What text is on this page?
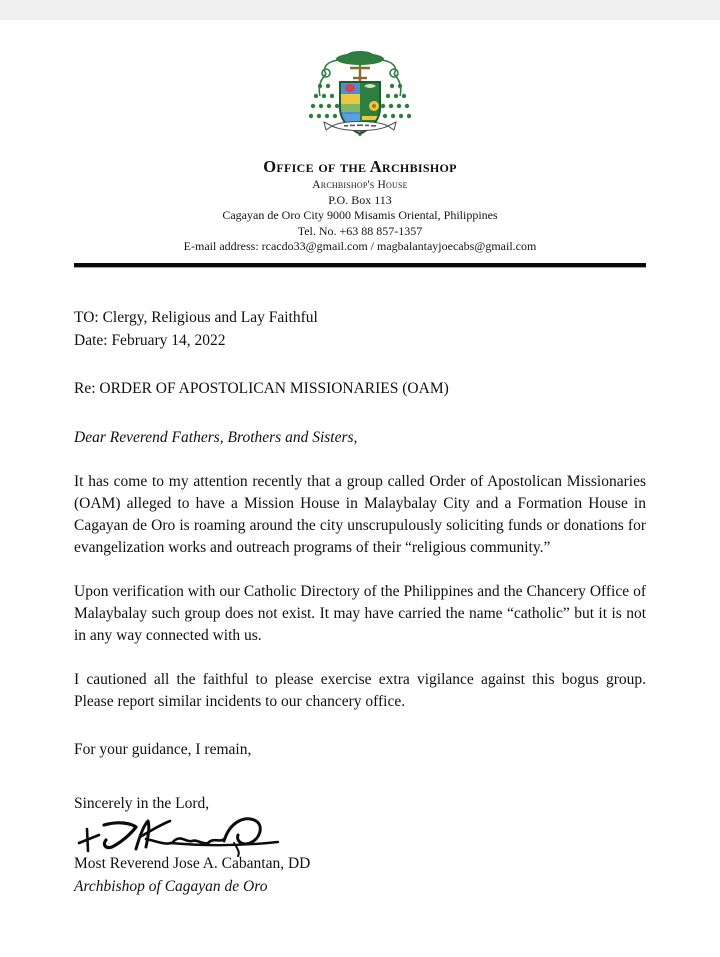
Office of the Archbishop
Archbishop's House
P.O. Box 113
Cagayan de Oro City 9000 Misamis Oriental, Philippines
Tel. No. +63 88 857-1357
E-mail address: rcacdo33@gmail.com / magbalantayjoecabs@gmail.com
TO: Clergy, Religious and Lay Faithful
Date: February 14, 2022
Re: ORDER OF APOSTOLICAN MISSIONARIES (OAM)
Dear Reverend Fathers, Brothers and Sisters,

It has come to my attention recently that a group called Order of Apostolican Missionaries (OAM) alleged to have a Mission House in Malaybalay City and a Formation House in Cagayan de Oro is roaming around the city unscrupulously soliciting funds or donations for evangelization works and outreach programs of their “religious community.”

Upon verification with our Catholic Directory of the Philippines and the Chancery Office of Malaybalay such group does not exist. It may have carried the name “catholic” but it is not in any way connected with us.

I cautioned all the faithful to please exercise extra vigilance against this bogus group. Please report similar incidents to our chancery office.

For your guidance, I remain,

Sincerely in the Lord,
Most Reverend Jose A. Cabantan, DD
Archbishop of Cagayan de Oro
